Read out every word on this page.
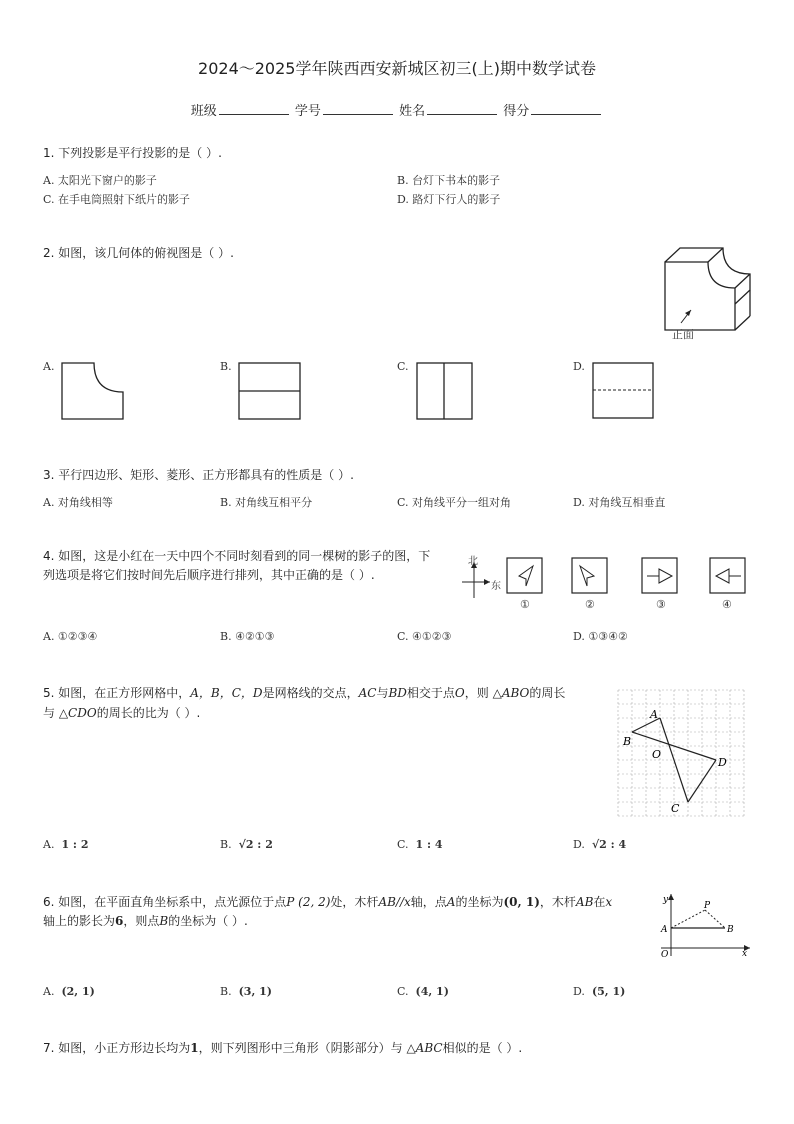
2024～2025学年陕西西安新城区初三(上)期中数学试卷
班级	学号	姓名	得分
1. 下列投影是平行投影的是（ ）.
A. 太阳光下窗户的影子	B. 台灯下书本的影子
C. 在手电筒照射下纸片的影子	D. 路灯下行人的影子
2. 如图，该几何体的俯视图是（ ）.
正面
A.	B.	C.	D.
3. 平行四边形、矩形、菱形、正方形都具有的性质是（ ）.
A. 对角线相等	B. 对角线互相平分	C. 对角线平分一组对角	D. 对角线互相垂直
4. 如图，这是小红在一天中四个不同时刻看到的同一棵树的影子的图，下
列选项是将它们按时间先后顺序进行排列，其中正确的是（ ）.
北
东
①	②	③	④
A. ①②③④	B. ④②①③	C. ④①②③	D. ①③④②
5. 如图，在正方形网格中，A，B，C，D是网格线的交点，AC与BD相交于点O，则 △ABO的周长
与 △CDO的周长的比为（ ）.	A
B
O
D
C
A. 1 : 2	B. √2 : 2	C. 1 : 4	D. √2 : 4
6. 如图，在平面直角坐标系中，点光源位于点P (2, 2)处，木杆AB//x轴，点A的坐标为(0, 1)，木杆AB在x
轴上的影长为6，则点B的坐标为（ ）.
y
P
A	B
O	x
A. (2, 1)	B. (3, 1)	C. (4, 1)	D. (5, 1)
7. 如图，小正方形边长均为1，则下列图形中三角形（阴影部分）与 △ABC相似的是（ ）.
